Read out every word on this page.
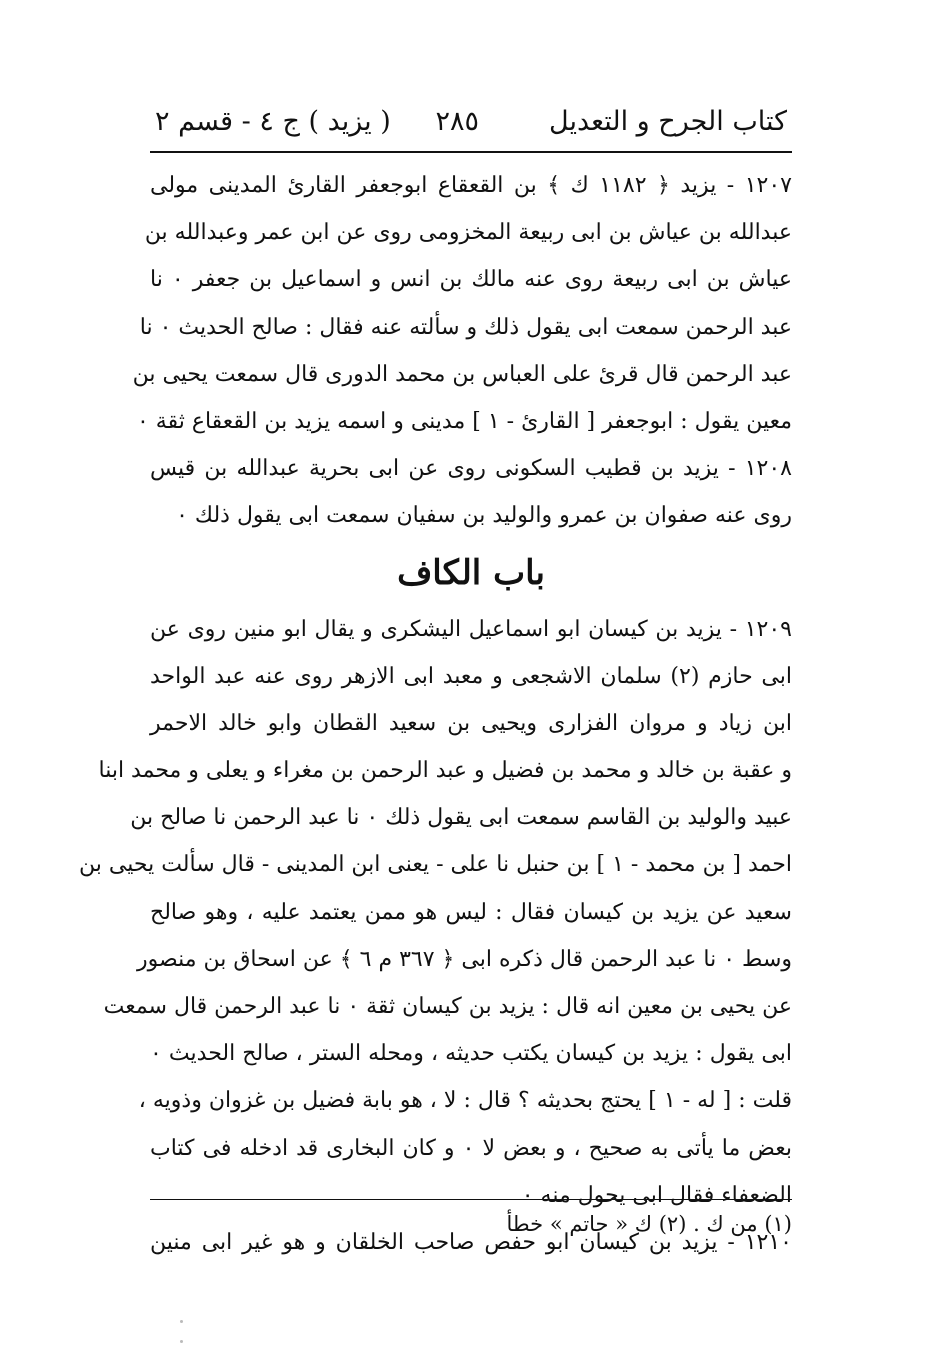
كتاب الجرح و التعديل
٢٨٥
( يزيد ) ج ٤ - قسم ٢
١٢٠٧ - يزيد ﴿ ١١٨٢ ك ﴾ بن القعقاع ابوجعفر القارئ المدينى مولى
عبدالله بن عياش بن ابى ربيعة المخزومى روى عن ابن عمر وعبدالله بن
عياش بن ابى ربيعة روى عنه مالك بن انس و اسماعيل بن جعفر ٠ نا
عبد الرحمن سمعت ابى يقول ذلك و سألته عنه فقال : صالح الحديث ٠ نا
عبد الرحمن قال قرئ على العباس بن محمد الدورى قال سمعت يحيى بن
معين يقول : ابوجعفر [ القارئ - ١ ] مدينى و اسمه يزيد بن القعقاع ثقة ٠
١٢٠٨ - يزيد بن قطيب السكونى روى عن ابى بحرية عبدالله بن قيس
روى عنه صفوان بن عمرو والوليد بن سفيان سمعت ابى يقول ذلك ٠
باب الكاف
١٢٠٩ - يزيد بن كيسان ابو اسماعيل اليشكرى و يقال ابو منين روى عن
ابى حازم (٢) سلمان الاشجعى و معبد ابى الازهر روى عنه عبد الواحد
ابن زياد و مروان الفزارى ويحيى بن سعيد القطان وابو خالد الاحمر
و عقبة بن خالد و محمد بن فضيل و عبد الرحمن بن مغراء و يعلى و محمد ابنا
عبيد والوليد بن القاسم سمعت ابى يقول ذلك ٠ نا عبد الرحمن نا صالح بن
احمد [ بن محمد - ١ ] بن حنبل نا على - يعنى ابن المدينى - قال سألت يحيى بن
سعيد عن يزيد بن كيسان فقال : ليس هو ممن يعتمد عليه ، وهو صالح
وسط ٠ نا عبد الرحمن قال ذكره ابى ﴿ ٣٦٧ م ٦ ﴾ عن اسحاق بن منصور
عن يحيى بن معين انه قال : يزيد بن كيسان ثقة ٠ نا عبد الرحمن قال سمعت
ابى يقول : يزيد بن كيسان يكتب حديثه ، ومحله الستر ، صالح الحديث ٠
قلت : [ له - ١ ] يحتج بحديثه ؟ قال : لا ، هو بابة فضيل بن غزوان وذويه ،
بعض ما يأتى به صحيح ، و بعض لا ٠ و كان البخارى قد ادخله فى كتاب
الضعفاء فقال ابى يحول منه ٠
١٢١٠ - يزيد بن كيسان ابو حفص صاحب الخلقان و هو غير ابى منين
(١) من ك . (٢) ك « حاتم » خطأ
